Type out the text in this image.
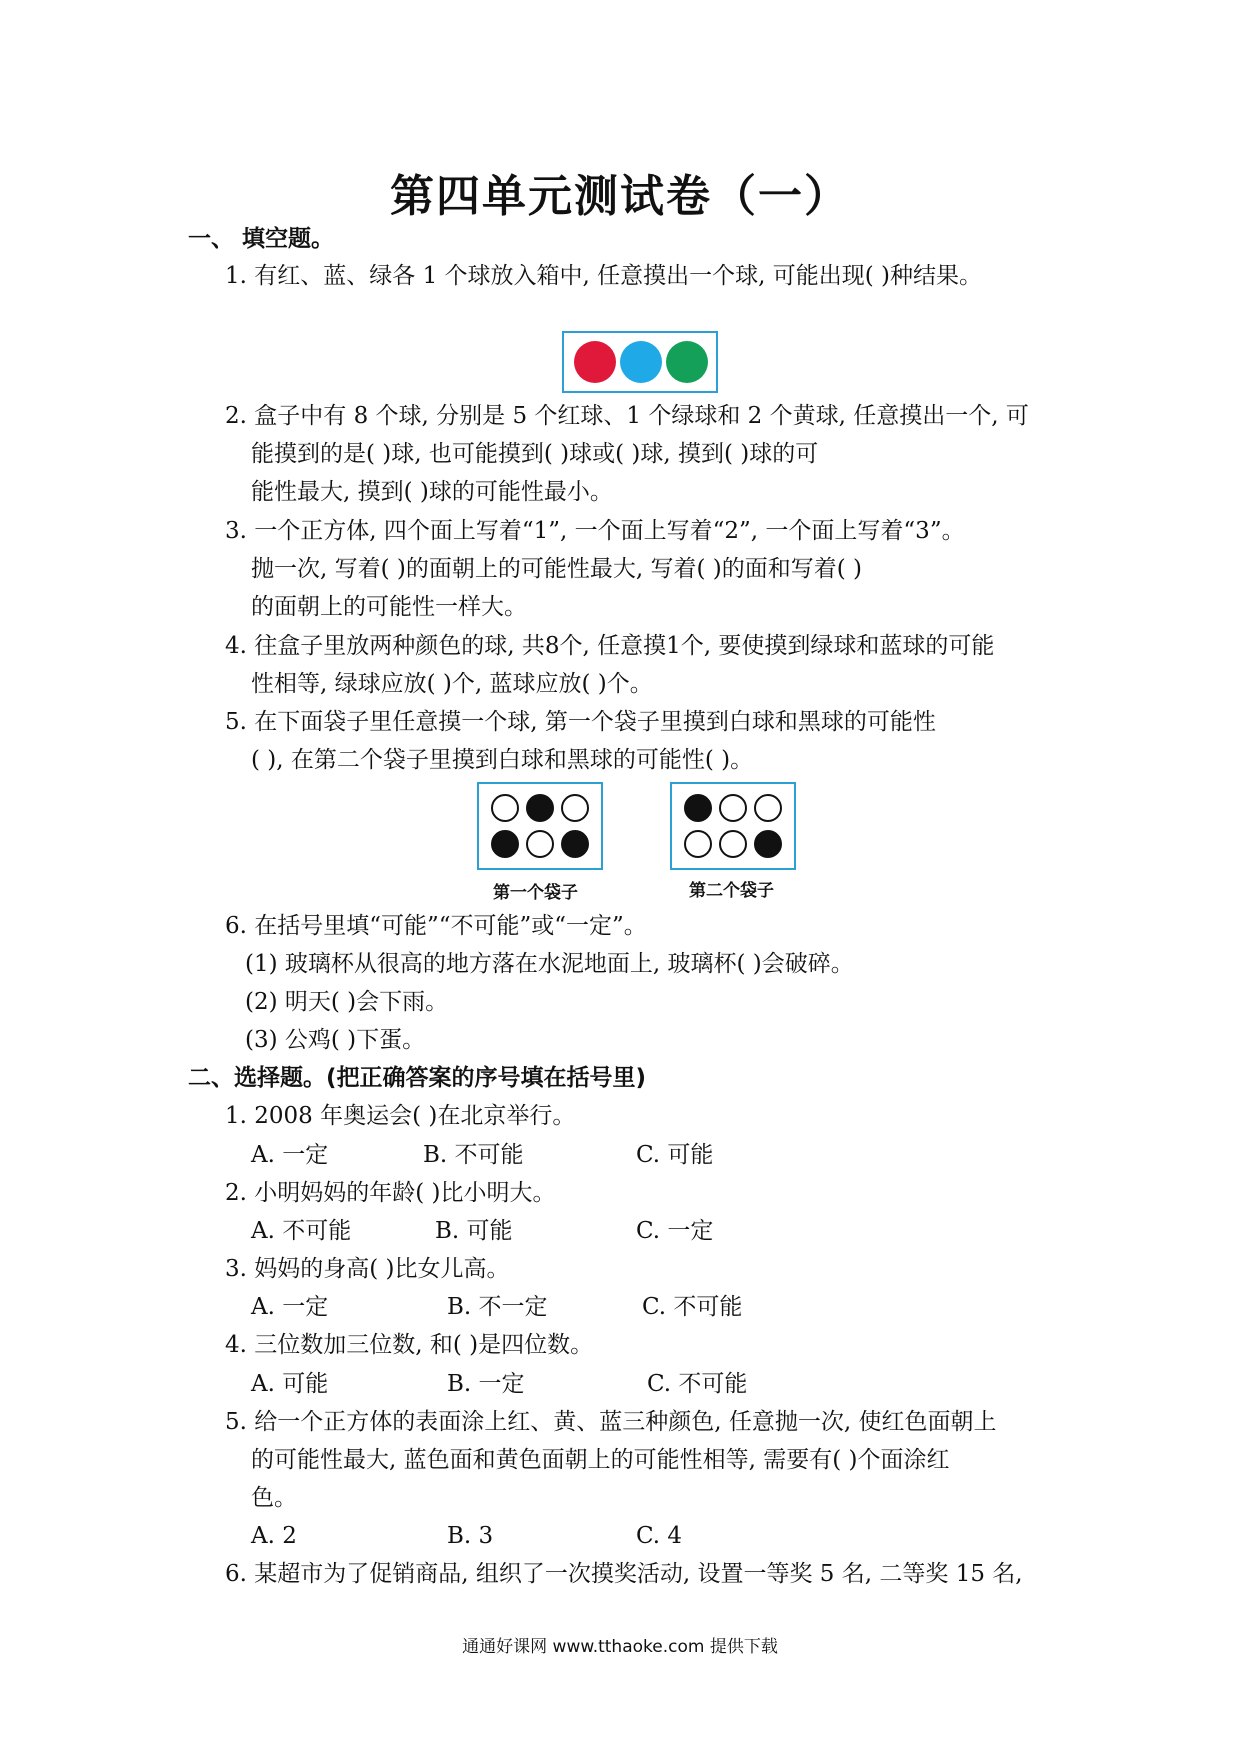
第四单元测试卷（一）
一、 填空题。
1. 有红、蓝、绿各 1 个球放入箱中, 任意摸出一个球, 可能出现( )种结果。
2. 盒子中有 8 个球, 分别是 5 个红球、1 个绿球和 2 个黄球, 任意摸出一个, 可
能摸到的是( )球, 也可能摸到( )球或( )球, 摸到( )球的可
能性最大, 摸到( )球的可能性最小。
3. 一个正方体, 四个面上写着“1”, 一个面上写着“2”, 一个面上写着“3”。
抛一次, 写着( )的面朝上的可能性最大, 写着( )的面和写着( )
的面朝上的可能性一样大。
4. 往盒子里放两种颜色的球, 共8个, 任意摸1个, 要使摸到绿球和蓝球的可能
性相等, 绿球应放( )个, 蓝球应放( )个。
5. 在下面袋子里任意摸一个球, 第一个袋子里摸到白球和黑球的可能性
( ), 在第二个袋子里摸到白球和黑球的可能性( )。
第一个袋子	第二个袋子
6. 在括号里填“可能”“不可能”或“一定”。
(1) 玻璃杯从很高的地方落在水泥地面上, 玻璃杯( )会破碎。
(2) 明天( )会下雨。
(3) 公鸡( )下蛋。
二、选择题。(把正确答案的序号填在括号里)
1. 2008 年奥运会( )在北京举行。
A. 一定	B. 不可能	C. 可能
2. 小明妈妈的年龄( )比小明大。
A. 不可能	B. 可能	C. 一定
3. 妈妈的身高( )比女儿高。
A. 一定	B. 不一定	C. 不可能
4. 三位数加三位数, 和( )是四位数。
A. 可能	B. 一定	C. 不可能
5. 给一个正方体的表面涂上红、黄、蓝三种颜色, 任意抛一次, 使红色面朝上
的可能性最大, 蓝色面和黄色面朝上的可能性相等, 需要有( )个面涂红
色。
A. 2	B. 3	C. 4
6. 某超市为了促销商品, 组织了一次摸奖活动, 设置一等奖 5 名, 二等奖 15 名,
通通好课网 www.tthaoke.com 提供下载
